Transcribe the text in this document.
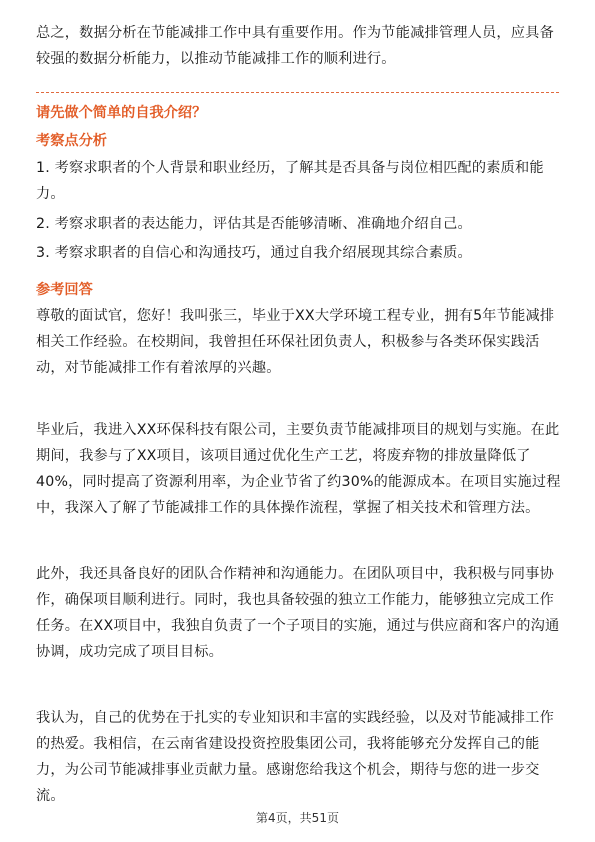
总之，数据分析在节能减排工作中具有重要作用。作为节能减排管理人员，应具备
较强的数据分析能力，以推动节能减排工作的顺利进行。

请先做个简单的自我介绍？

考察点分析

1. 考察求职者的个人背景和职业经历，了解其是否具备与岗位相匹配的素质和能
力。

2. 考察求职者的表达能力，评估其是否能够清晰、准确地介绍自己。

3. 考察求职者的自信心和沟通技巧，通过自我介绍展现其综合素质。

参考回答

尊敬的面试官，您好！我叫张三，毕业于XX大学环境工程专业，拥有5年节能减排
相关工作经验。在校期间，我曾担任环保社团负责人，积极参与各类环保实践活
动，对节能减排工作有着浓厚的兴趣。

毕业后，我进入XX环保科技有限公司，主要负责节能减排项目的规划与实施。在此
期间，我参与了XX项目，该项目通过优化生产工艺，将废弃物的排放量降低了
40%，同时提高了资源利用率，为企业节省了约30%的能源成本。在项目实施过程
中，我深入了解了节能减排工作的具体操作流程，掌握了相关技术和管理方法。

此外，我还具备良好的团队合作精神和沟通能力。在团队项目中，我积极与同事协
作，确保项目顺利进行。同时，我也具备较强的独立工作能力，能够独立完成工作
任务。在XX项目中，我独自负责了一个子项目的实施，通过与供应商和客户的沟通
协调，成功完成了项目目标。

我认为，自己的优势在于扎实的专业知识和丰富的实践经验，以及对节能减排工作
的热爱。我相信，在云南省建设投资控股集团公司，我将能够充分发挥自己的能
力，为公司节能减排事业贡献力量。感谢您给我这个机会，期待与您的进一步交
流。

第4页，共51页
